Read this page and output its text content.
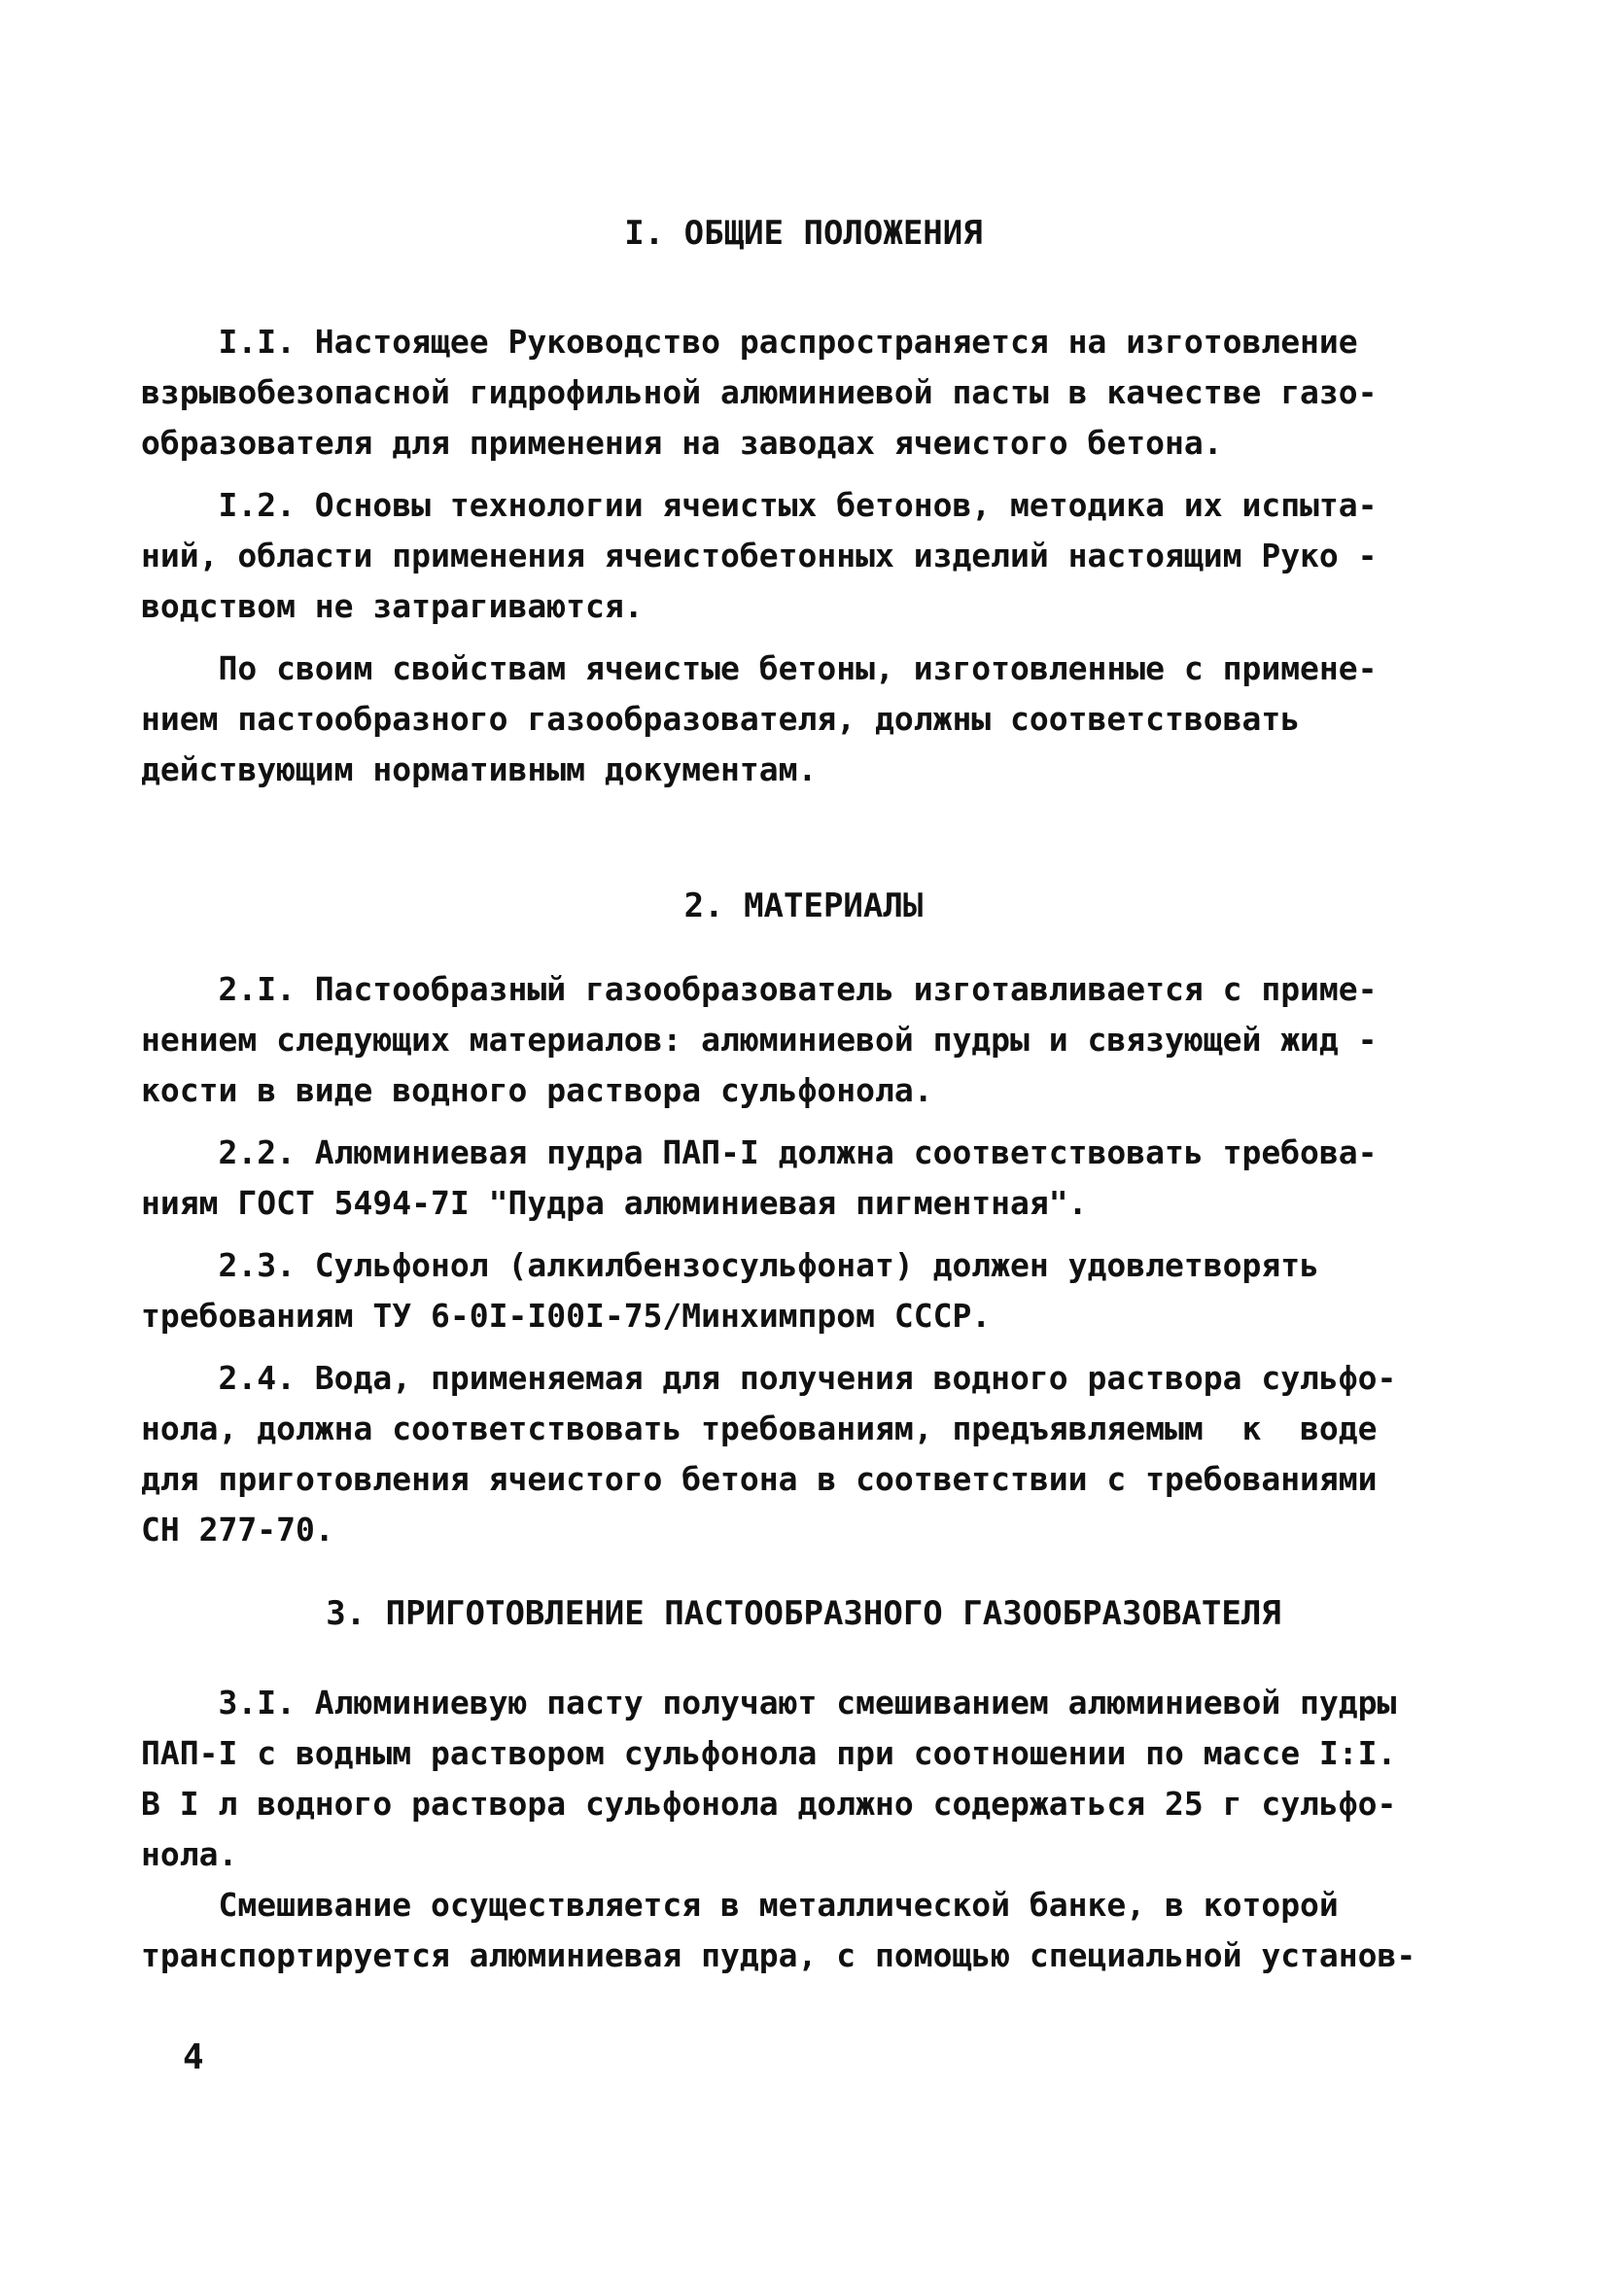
I. ОБЩИЕ ПОЛОЖЕНИЯ
I.I. Настоящее Руководство распространяется на изготовление
взрывобезопасной гидрофильной алюминиевой пасты в качестве газо-
образователя для применения на заводах ячеистого бетона.
I.2. Основы технологии ячеистых бетонов, методика их испыта-
ний, области применения ячеистобетонных изделий настоящим Руко -
водством не затрагиваются.
По своим свойствам ячеистые бетоны, изготовленные с примене-
нием пастообразного газообразователя, должны соответствовать
действующим нормативным документам.
2. МАТЕРИАЛЫ
2.I. Пастообразный газообразователь изготавливается с приме-
нением следующих материалов: алюминиевой пудры и связующей жид -
кости в виде водного раствора сульфонола.
2.2. Алюминиевая пудра ПАП-I должна соответствовать требова-
ниям ГОСТ 5494-7I "Пудра алюминиевая пигментная".
2.3. Сульфонол (алкилбензосульфонат) должен удовлетворять
требованиям ТУ 6-0I-I00I-75/Минхимпром СССР.
2.4. Вода, применяемая для получения водного раствора сульфо-
нола, должна соответствовать требованиям, предъявляемым  к  воде
для приготовления ячеистого бетона в соответствии с требованиями
СН 277-70.
3. ПРИГОТОВЛЕНИЕ ПАСТООБРАЗНОГО ГАЗООБРАЗОВАТЕЛЯ
3.I. Алюминиевую пасту получают смешиванием алюминиевой пудры
ПАП-I с водным раствором сульфонола при соотношении по массе I:I.
В I л водного раствора сульфонола должно содержаться 25 г сульфо-
нола.
Смешивание осуществляется в металлической банке, в которой
транспортируется алюминиевая пудра, с помощью специальной установ-
4
